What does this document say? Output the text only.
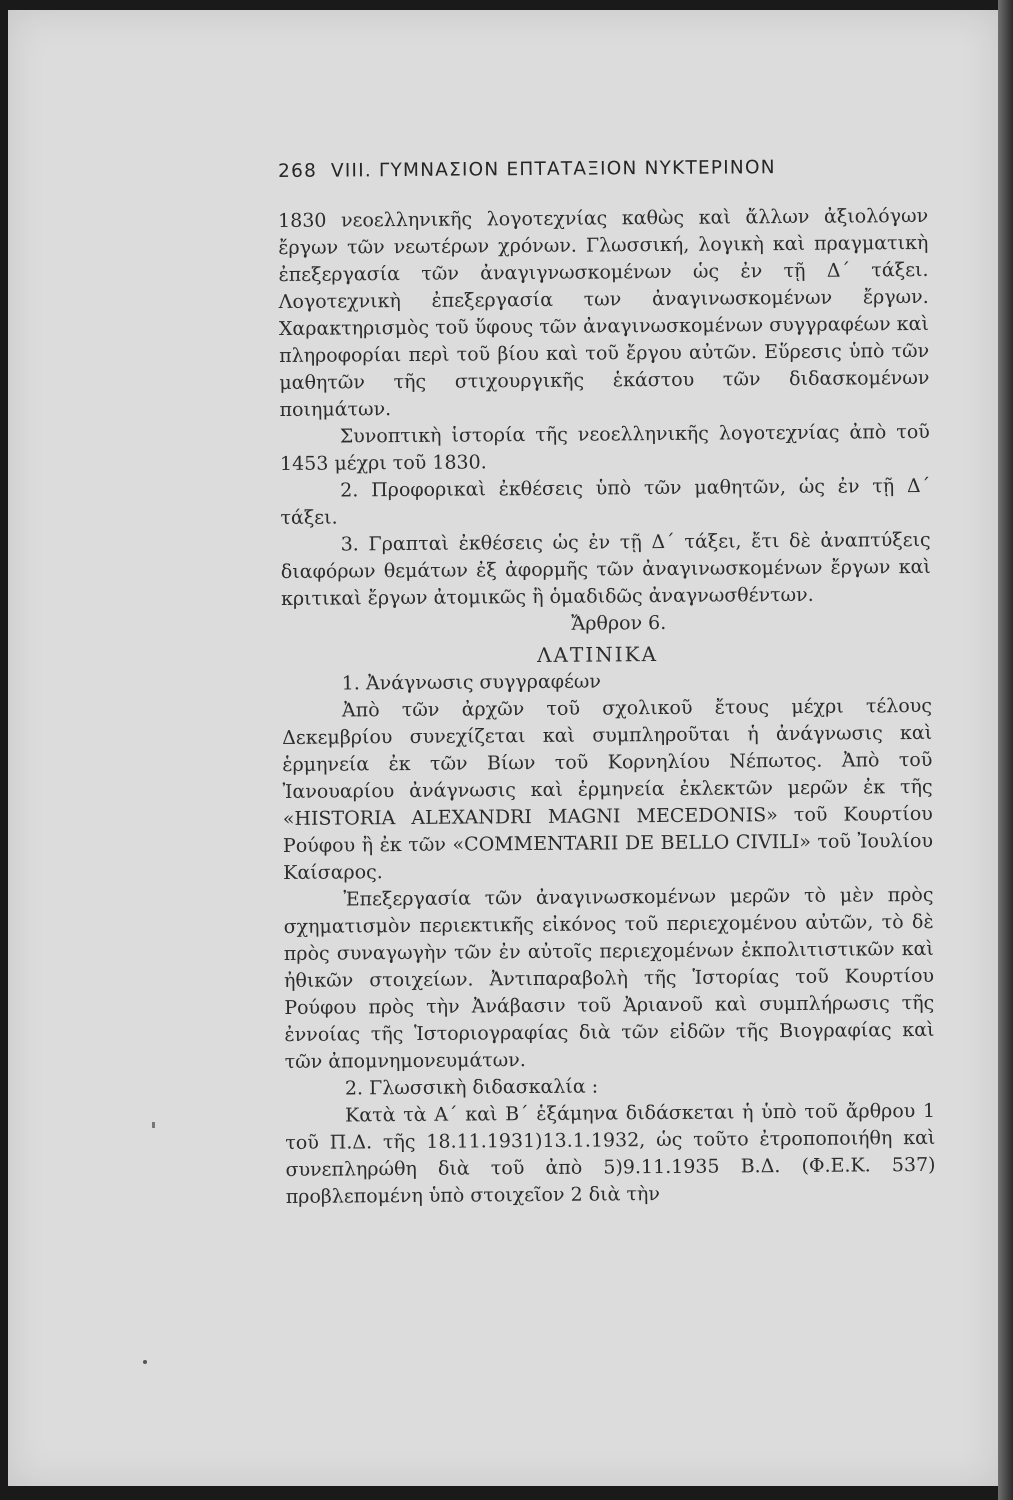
268 VIII. ΓΥΜΝΑΣΙΟΝ ΕΠΤΑΤΑΞΙΟΝ ΝΥΚΤΕΡΙΝΟΝ

1830 νεοελληνικῆς λογοτεχνίας καθὼς καὶ ἄλλων ἀξιολόγων ἔργων τῶν νεωτέρων χρόνων. Γλωσσική, λογικὴ καὶ πραγματικὴ ἐπεξεργασία τῶν ἀναγιγνωσκομένων ὡς ἐν τῇ Δ΄ τάξει. Λογοτεχνικὴ ἐπεξεργασία των ἀναγινωσκομένων ἔργων. Χαρακτηρισμὸς τοῦ ὕφους τῶν ἀναγινωσκομένων συγγραφέων καὶ πληροφορίαι περὶ τοῦ βίου καὶ τοῦ ἔργου αὐτῶν. Εὕρεσις ὑπὸ τῶν μαθητῶν τῆς στιχουργικῆς ἑκάστου τῶν διδασκομένων ποιημάτων.

Συνοπτικὴ ἱστορία τῆς νεοελληνικῆς λογοτεχνίας ἀπὸ τοῦ 1453 μέχρι τοῦ 1830.

2. Προφορικαὶ ἐκθέσεις ὑπὸ τῶν μαθητῶν, ὡς ἐν τῇ Δ΄ τάξει.

3. Γραπταὶ ἐκθέσεις ὡς ἐν τῇ Δ΄ τάξει, ἔτι δὲ ἀναπτύξεις διαφόρων θεμάτων ἐξ ἀφορμῆς τῶν ἀναγινωσκομένων ἔργων καὶ κριτικαὶ ἔργων ἀτομικῶς ἢ ὁμαδιδῶς ἀναγνωσθέντων.

Ἄρθρον 6.

ΛΑΤΙΝΙΚΑ

1. Ἀνάγνωσις συγγραφέων

Ἀπὸ τῶν ἀρχῶν τοῦ σχολικοῦ ἔτους μέχρι τέλους Δεκεμβρίου συνεχίζεται καὶ συμπληροῦται ἡ ἀνάγνωσις καὶ ἑρμηνεία ἐκ τῶν Βίων τοῦ Κορνηλίου Νέπωτος. Ἀπὸ τοῦ Ἰανουαρίου ἀνάγνωσις καὶ ἑρμηνεία ἐκλεκτῶν μερῶν ἐκ τῆς «HISTORIA ALEXANDRI MAGNI MECEDONIS» τοῦ Κουρτίου Ρούφου ἢ ἐκ τῶν «COMMENTARII DE BELLO CIVILI» τοῦ Ἰουλίου Καίσαρος.

Ἐπεξεργασία τῶν ἀναγινωσκομένων μερῶν τὸ μὲν πρὸς σχηματισμὸν περιεκτικῆς εἰκόνος τοῦ περιεχομένου αὐτῶν, τὸ δὲ πρὸς συναγωγὴν τῶν ἐν αὐτοῖς περιεχομένων ἐκπολιτιστικῶν καὶ ἠθικῶν στοιχείων. Ἀντιπαραβολὴ τῆς Ἱστορίας τοῦ Κουρτίου Ρούφου πρὸς τὴν Ἀνάβασιν τοῦ Ἀριανοῦ καὶ συμπλήρωσις τῆς ἐννοίας τῆς Ἱστοριογραφίας διὰ τῶν εἰδῶν τῆς Βιογραφίας καὶ τῶν ἀπομνημονευμάτων.

2. Γλωσσικὴ διδασκαλία :

Κατὰ τὰ Α΄ καὶ Β΄ ἑξάμηνα διδάσκεται ἡ ὑπὸ τοῦ ἄρθρου 1 τοῦ Π.Δ. τῆς 18.11.1931)13.1.1932, ὡς τοῦτο ἐτροποποιήθη καὶ συνεπληρώθη διὰ τοῦ ἀπὸ 5)9.11.1935 Β.Δ. (Φ.Ε.Κ. 537) προβλεπομένη ὑπὸ στοιχεῖον 2 διὰ τὴν
